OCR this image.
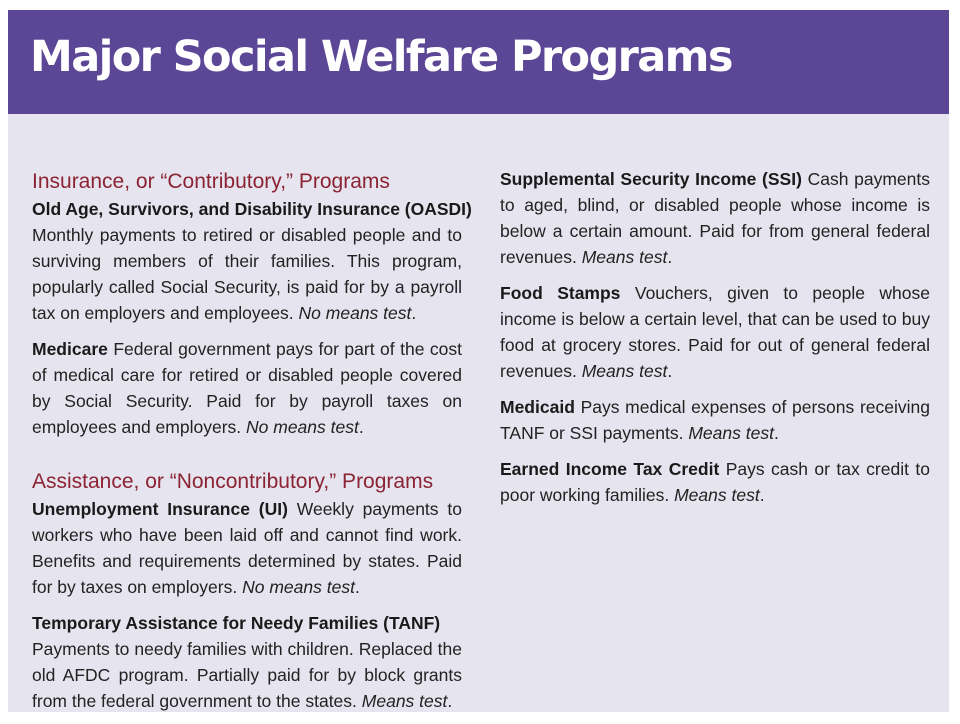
Major Social Welfare Programs
Insurance, or “Contributory,” Programs

Old Age, Survivors, and Disability Insurance (OASDI)
Monthly payments to retired or disabled people and to surviving members of their families. This program, popularly called Social Security, is paid for by a payroll tax on employers and employees. No means test.

Medicare Federal government pays for part of the cost of medical care for retired or disabled people covered by Social Security. Paid for by payroll taxes on employees and employers. No means test.

Assistance, or “Noncontributory,” Programs

Unemployment Insurance (UI) Weekly payments to workers who have been laid off and cannot find work. Benefits and requirements determined by states. Paid for by taxes on employers. No means test.

Temporary Assistance for Needy Families (TANF)
Payments to needy families with children. Replaced the old AFDC program. Partially paid for by block grants from the federal government to the states. Means test.

Supplemental Security Income (SSI) Cash payments to aged, blind, or disabled people whose income is below a certain amount. Paid for from general federal revenues. Means test.

Food Stamps Vouchers, given to people whose income is below a certain level, that can be used to buy food at grocery stores. Paid for out of general federal revenues. Means test.

Medicaid Pays medical expenses of persons receiving TANF or SSI payments. Means test.

Earned Income Tax Credit Pays cash or tax credit to poor working families. Means test.
